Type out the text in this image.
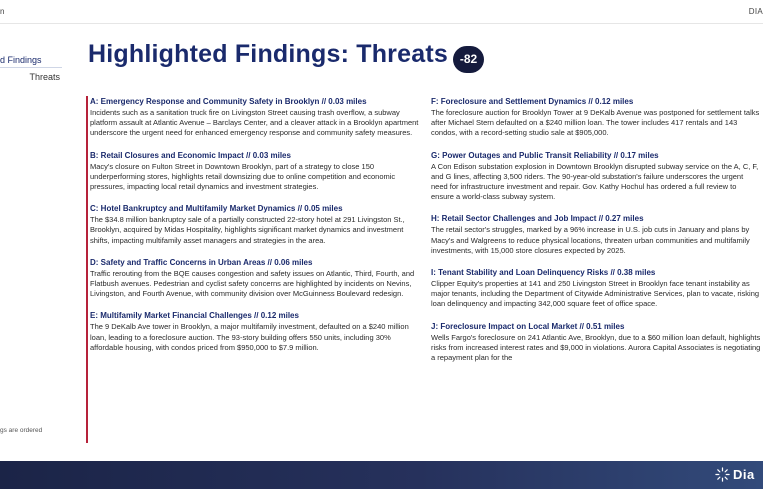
n	DIA
d Findings
Threats
gs are ordered
Highlighted Findings: Threats -82

A: Emergency Response and Community Safety in Brooklyn // 0.03 miles

Incidents such as a sanitation truck fire on Livingston Street causing trash overflow, a subway platform assault at Atlantic Avenue – Barclays Center, and a cleaver attack in a Brooklyn apartment underscore the urgent need for enhanced emergency response and community safety measures.

B: Retail Closures and Economic Impact // 0.03 miles

Macy's closure on Fulton Street in Downtown Brooklyn, part of a strategy to close 150 underperforming stores, highlights retail downsizing due to online competition and economic pressures, impacting local retail dynamics and investment strategies.

C: Hotel Bankruptcy and Multifamily Market Dynamics // 0.05 miles

The $34.8 million bankruptcy sale of a partially constructed 22-story hotel at 291 Livingston St., Brooklyn, acquired by Midas Hospitality, highlights significant market dynamics and investment shifts, impacting multifamily asset managers and strategies in the area.

D: Safety and Traffic Concerns in Urban Areas // 0.06 miles

Traffic rerouting from the BQE causes congestion and safety issues on Atlantic, Third, Fourth, and Flatbush avenues. Pedestrian and cyclist safety concerns are highlighted by incidents on Nevins, Livingston, and Fourth Avenue, with community division over McGuinness Boulevard redesign.

E: Multifamily Market Financial Challenges // 0.12 miles

The 9 DeKalb Ave tower in Brooklyn, a major multifamily investment, defaulted on a $240 million loan, leading to a foreclosure auction. The 93-story building offers 550 units, including 30% affordable housing, with condos priced from $950,000 to $7.9 million.

F: Foreclosure and Settlement Dynamics // 0.12 miles

The foreclosure auction for Brooklyn Tower at 9 DeKalb Avenue was postponed for settlement talks after Michael Stern defaulted on a $240 million loan. The tower includes 417 rentals and 143 condos, with a record-setting studio sale at $905,000.

G: Power Outages and Public Transit Reliability // 0.17 miles

A Con Edison substation explosion in Downtown Brooklyn disrupted subway service on the A, C, F, and G lines, affecting 3,500 riders. The 90-year-old substation's failure underscores the urgent need for infrastructure investment and repair. Gov. Kathy Hochul has ordered a full review to ensure a world-class subway system.

H: Retail Sector Challenges and Job Impact // 0.27 miles

The retail sector's struggles, marked by a 96% increase in U.S. job cuts in January and plans by Macy's and Walgreens to reduce physical locations, threaten urban communities and multifamily investments, with 15,000 store closures expected by 2025.

I: Tenant Stability and Loan Delinquency Risks // 0.38 miles

Clipper Equity's properties at 141 and 250 Livingston Street in Brooklyn face tenant instability as major tenants, including the Department of Citywide Administrative Services, plan to vacate, risking loan delinquency and impacting 342,000 square feet of office space.

J: Foreclosure Impact on Local Market // 0.51 miles

Wells Fargo's foreclosure on 241 Atlantic Ave, Brooklyn, due to a $60 million loan default, highlights risks from increased interest rates and $9,000 in violations. Aurora Capital Associates is negotiating a repayment plan for the

Dia
